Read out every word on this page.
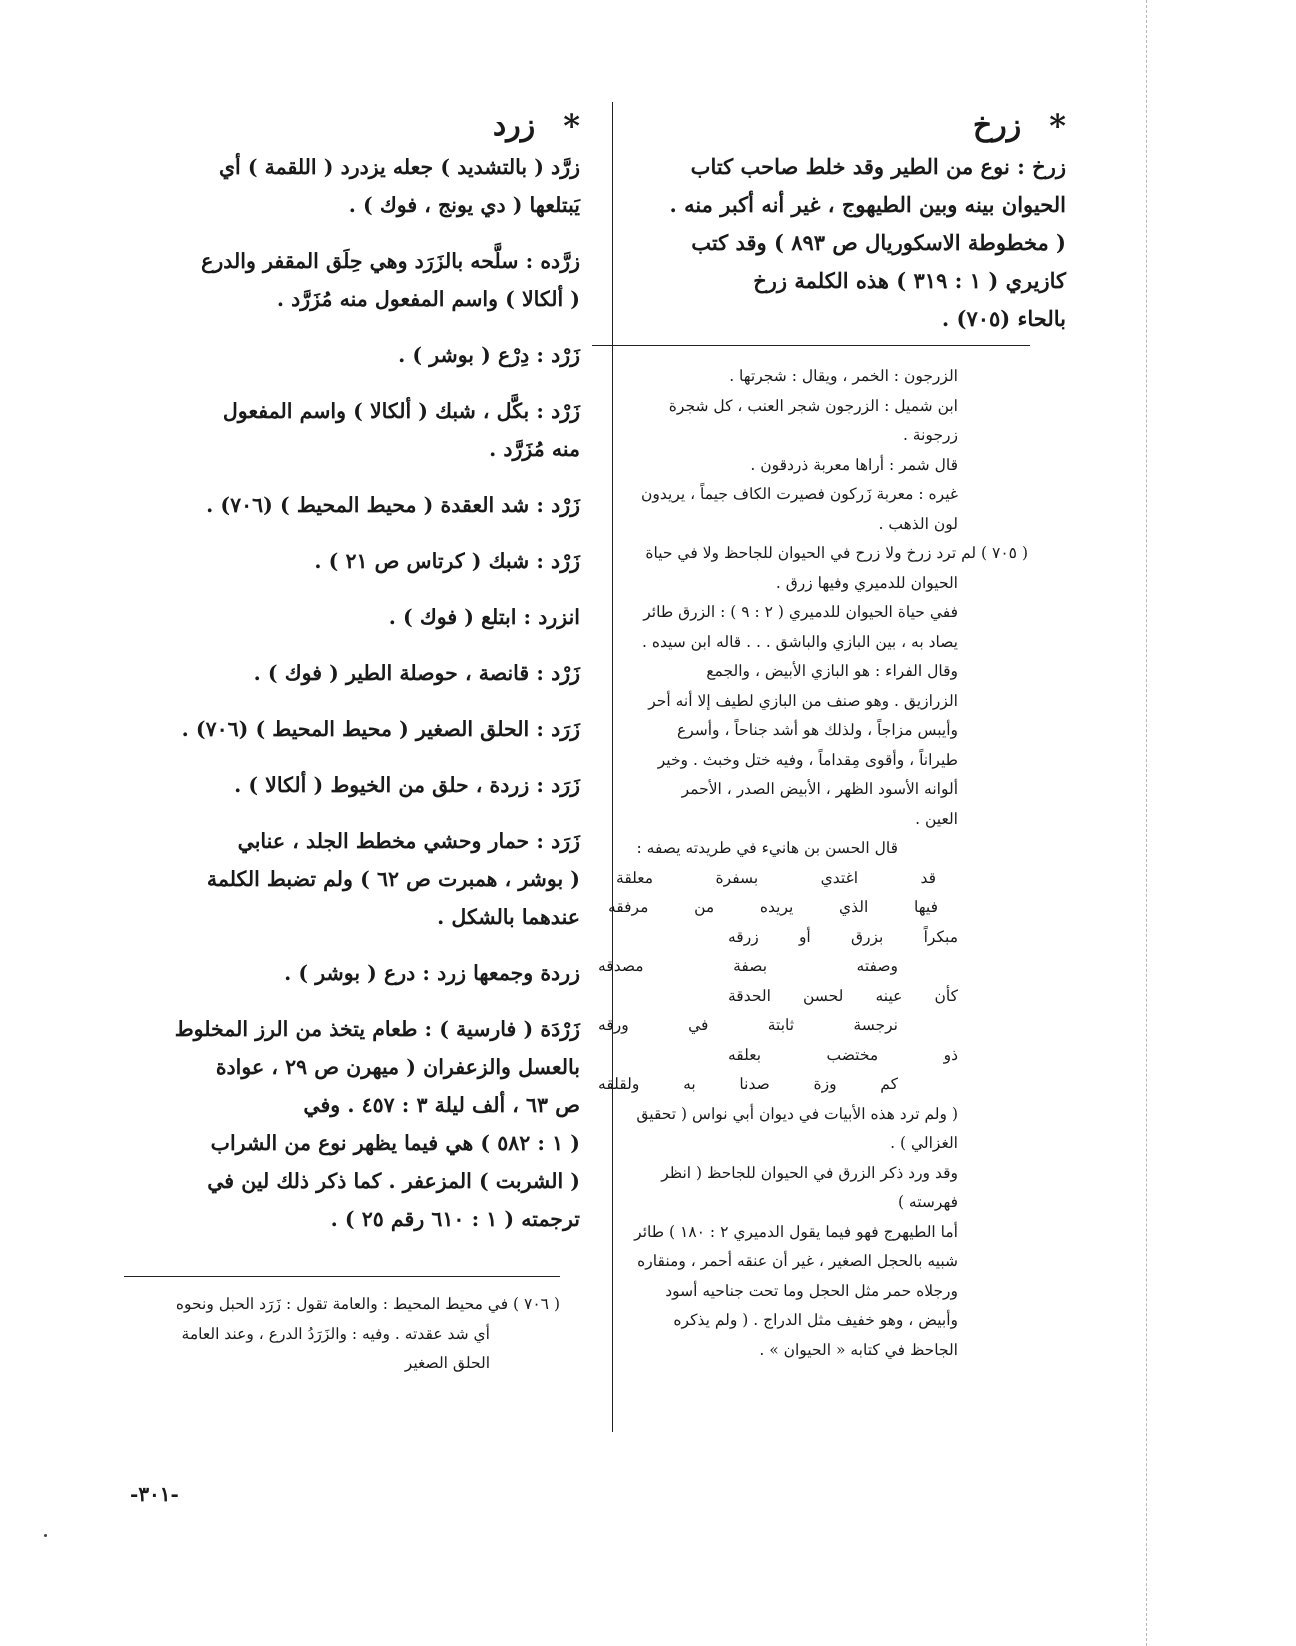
*
زرخ
زرخ : نوع من الطير وقد خلط صاحب كتاب
الحيوان بينه وبين الطيهوج ، غير أنه أكبر منه .
( مخطوطة الاسكوريال ص ٨٩٣ ) وقد كتب
كازيري ( ١ : ٣١٩ ) هذه الكلمة زرخ
بالحاء (٧٠٥) .
الزرجون : الخمر ، ويقال : شجرتها .
ابن شميل : الزرجون شجر العنب ، كل شجرة
زرجونة .
قال شمر : أراها معربة ذردقون .
غيره : معربة زَركون فصيرت الكاف جيماً ، يريدون
لون الذهب .
( ٧٠٥ ) لم ترد زرخ ولا زرح في الحيوان للجاحظ ولا في حياة
الحيوان للدميري وفيها زرق .
ففي حياة الحيوان للدميري ( ٢ : ٩ ) : الزرق طائر
يصاد به ، بين البازي والباشق . . . قاله ابن سيده .
وقال الفراء : هو البازي الأبيض ، والجمع
الزرازيق . وهو صنف من البازي لطيف إلا أنه أحر
وأيبس مزاجاً ، ولذلك هو أشد جناحاً ، وأسرع
طيراناً ، وأقوى مِقداماً ، وفيه ختل وخبث . وخير
ألوانه الأسود الظهر ، الأبيض الصدر ، الأحمر
العين .
قال الحسن بن هانيء في طريدته يصفه :
قد
اغتدي
بسفرة
معلقة
فيها
الذي
يريده
من
مرفقه
مبكراً
بزرق
أو
زرقه
وصفته
بصفة
مصدقه
كأن
عينه
لحسن
الحدقة
نرجسة
ثابتة
في
ورقه
ذو
مختضب
بعلقه
كم
وزة
صدنا
به
ولقلقه
( ولم ترد هذه الأبيات في ديوان أبي نواس ( تحقيق
الغزالي ) .
وقد ورد ذكر الزرق في الحيوان للجاحظ ( انظر
فهرسته )
أما الطيهرج فهو فيما يقول الدميري ٢ : ١٨٠ ) طائر
شبيه بالحجل الصغير ، غير أن عنقه أحمر ، ومنقاره
ورجلاه حمر مثل الحجل وما تحت جناحيه أسود
وأبيض ، وهو خفيف مثل الدراج . ( ولم يذكره
الجاحظ في كتابه « الحيوان » .
*
زرد
زرَّد ( بالتشديد ) جعله يزدرد ( اللقمة ) أي
يَبتلعها ( دي يونج ، فوك ) .
زرَّده : سلَّحه بالزَرَد وهي حِلَق المقفر والدرع
( ألكالا ) واسم المفعول منه مُزَرَّد .
زَرْد : دِرْع ( بوشر ) .
زَرْد : بكَّل ، شبك ( ألكالا ) واسم المفعول
منه مُزَرَّد .
زَرْد : شد العقدة ( محيط المحيط ) (٧٠٦) .
زَرْد : شبك ( كرتاس ص ٢١ ) .
انزرد : ابتلع ( فوك ) .
زَرْد : قانصة ، حوصلة الطير ( فوك ) .
زَرَد : الحلق الصغير ( محيط المحيط ) (٧٠٦) .
زَرَد : زردة ، حلق من الخيوط ( ألكالا ) .
زَرَد : حمار وحشي مخطط الجلد ، عنابي
( بوشر ، همبرت ص ٦٢ ) ولم تضبط الكلمة
عندهما بالشكل .
زردة وجمعها زرد : درع ( بوشر ) .
زَرْدَة ( فارسية ) : طعام يتخذ من الرز المخلوط
بالعسل والزعفران ( ميهرن ص ٢٩ ، عوادة
ص ٦٣ ، ألف ليلة ٣ : ٤٥٧ . وفي
( ١ : ٥٨٢ ) هي فيما يظهر نوع من الشراب
( الشربت ) المزعفر . كما ذكر ذلك لين في
ترجمته ( ١ : ٦١٠ رقم ٢٥ ) .
( ٧٠٦ ) في محيط المحيط : والعامة تقول : زَرَد الحبل ونحوه
أي شد عقدته . وفيه : والزَرَدُ الدرع ، وعند العامة
الحلق الصغير
-٣٠١-
